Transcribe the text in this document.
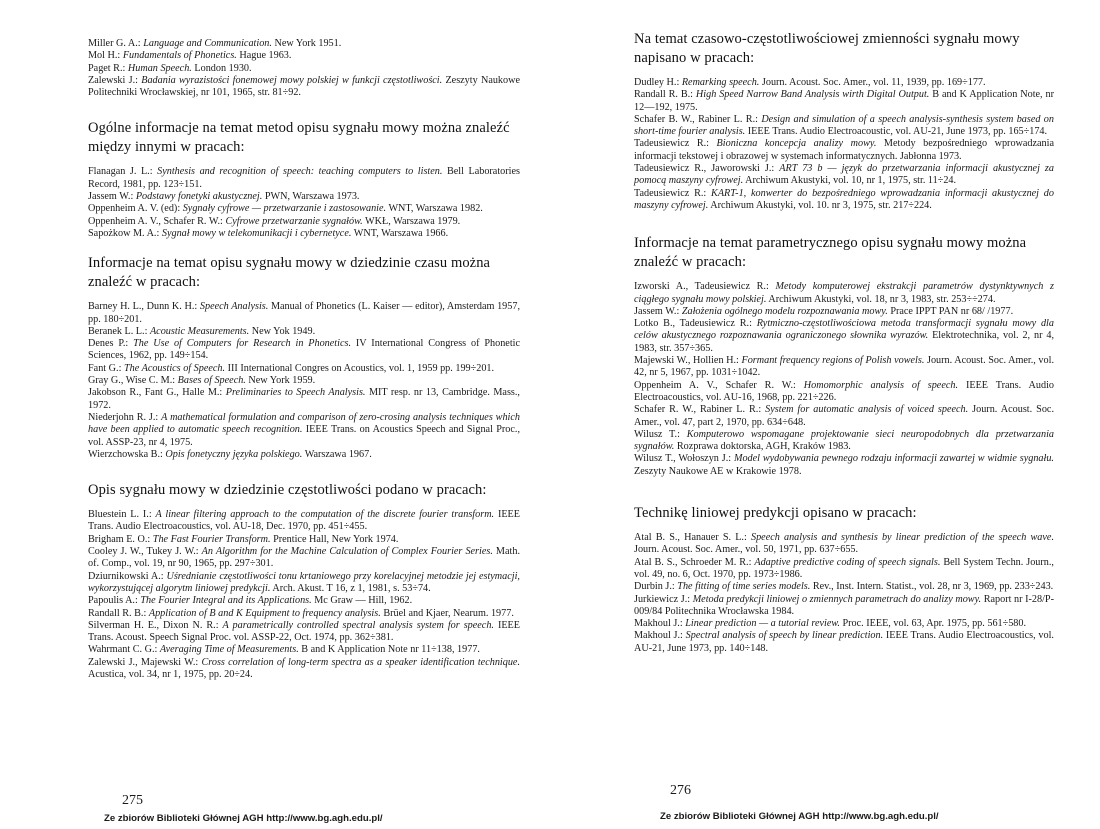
Miller G. A.: Language and Communication. New York 1951.
Mol H.: Fundamentals of Phonetics. Hague 1963.
Paget R.: Human Speech. London 1930.
Zalewski J.: Badania wyrazistości fonemowej mowy polskiej w funkcji częstotliwości. Zeszyty Naukowe Politechniki Wrocławskiej, nr 101, 1965, str. 81÷92.
Ogólne informacje na temat metod opisu sygnału mowy można znaleźć między innymi w pracach:
Flanagan J. L.: Synthesis and recognition of speech: teaching computers to listen. Bell Laboratories Record, 1981, pp. 123÷151.
Jassem W.: Podstawy fonetyki akustycznej. PWN, Warszawa 1973.
Oppenheim A. V. (ed): Sygnały cyfrowe — przetwarzanie i zastosowanie. WNT, Warszawa 1982.
Oppenheim A. V., Schafer R. W.: Cyfrowe przetwarzanie sygnałów. WKŁ, Warszawa 1979.
Sapożkow M. A.: Sygnał mowy w telekomunikacji i cybernetyce. WNT, Warszawa 1966.
Informacje na temat opisu sygnału mowy w dziedzinie czasu można znaleźć w pracach:
Barney H. L., Dunn K. H.: Speech Analysis. Manual of Phonetics (L. Kaiser — editor), Amsterdam 1957, pp. 180÷201.
Beranek L. L.: Acoustic Measurements. New Yok 1949.
Denes P.: The Use of Computers for Research in Phonetics. IV International Congress of Phonetic Sciences, 1962, pp. 149÷154.
Fant G.: The Acoustics of Speech. III International Congres on Acoustics, vol. 1, 1959 pp. 199÷201.
Gray G., Wise C. M.: Bases of Speech. New York 1959.
Jakobson R., Fant G., Halle M.: Preliminaries to Speech Analysis. MIT resp. nr 13, Cambridge. Mass., 1972.
Niederjohn R. J.: A mathematical formulation and comparison of zero-crosing analysis techniques which have been applied to automatic speech recognition. IEEE Trans. on Acoustics Speech and Signal Proc., vol. ASSP-23, nr 4, 1975.
Wierzchowska B.: Opis fonetyczny języka polskiego. Warszawa 1967.
Opis sygnału mowy w dziedzinie częstotliwości podano w pracach:
Bluestein L. I.: A linear filtering approach to the computation of the discrete fourier transform. IEEE Trans. Audio Electroacoustics, vol. AU-18, Dec. 1970, pp. 451÷455.
Brigham E. O.: The Fast Fourier Transform. Prentice Hall, New York 1974.
Cooley J. W., Tukey J. W.: An Algorithm for the Machine Calculation of Complex Fourier Series. Math. of. Comp., vol. 19, nr 90, 1965, pp. 297÷301.
Dziurnikowski A.: Uśrednianie częstotliwości tonu krtaniowego przy korelacyjnej metodzie jej estymacji, wykorzystującej algorytm liniowej predykcji. Arch. Akust. T 16, z 1, 1981, s. 53÷74.
Papoulis A.: The Fourier Integral and its Applications. Mc Graw — Hill, 1962.
Randall R. B.: Application of B and K Equipment to frequency analysis. Brüel and Kjaer, Nearum. 1977.
Silverman H. E., Dixon N. R.: A parametrically controlled spectral analysis system for speech. IEEE Trans. Acoust. Speech Signal Proc. vol. ASSP-22, Oct. 1974, pp. 362÷381.
Wahrmant C. G.: Averaging Time of Measurements. B and K Application Note nr 11÷138, 1977.
Zalewski J., Majewski W.: Cross correlation of long-term spectra as a speaker identification technique. Acustica, vol. 34, nr 1, 1975, pp. 20÷24.
275
Ze zbiorów Biblioteki Głównej AGH http://www.bg.agh.edu.pl/
Na temat czasowo-częstotliwościowej zmienności sygnału mowy napisano w pracach:
Dudley H.: Remarking speech. Journ. Acoust. Soc. Amer., vol. 11, 1939, pp. 169÷177.
Randall R. B.: High Speed Narrow Band Analysis wirth Digital Output. B and K Application Note, nr 12—192, 1975.
Schafer B. W., Rabiner L. R.: Design and simulation of a speech analysis-synthesis system based on short-time fourier analysis. IEEE Trans. Audio Electroacoustic, vol. AU-21, June 1973, pp. 165÷174.
Tadeusiewicz R.: Bioniczna koncepcja analizy mowy. Metody bezpośredniego wprowadzania informacji tekstowej i obrazowej w systemach informatycznych. Jabłonna 1973.
Tadeusiewicz R., Jaworowski J.: ART 73 b — język do przetwarzania informacji akustycznej za pomocą maszyny cyfrowej. Archiwum Akustyki, vol. 10, nr 1, 1975, str. 11÷24.
Tadeusiewicz R.: KART-1, konwerter do bezpośredniego wprowadzania informacji akustycznej do maszyny cyfrowej. Archiwum Akustyki, vol. 10. nr 3, 1975, str. 217÷224.
Informacje na temat parametrycznego opisu sygnału mowy można znaleźć w pracach:
Izworski A., Tadeusiewicz R.: Metody komputerowej ekstrakcji parametrów dystynktywnych z ciągłego sygnału mowy polskiej. Archiwum Akustyki, vol. 18, nr 3, 1983, str. 253÷÷274.
Jassem W.: Założenia ogólnego modelu rozpoznawania mowy. Prace IPPT PAN nr 68/ /1977.
Lotko B., Tadeusiewicz R.: Rytmiczno-częstotliwościowa metoda transformacji sygnału mowy dla celów akustycznego rozpoznawania ograniczonego słownika wyrazów. Elektrotechnika, vol. 2, nr 4, 1983, str. 357÷365.
Majewski W., Hollien H.: Formant frequency regions of Polish vowels. Journ. Acoust. Soc. Amer., vol. 42, nr 5, 1967, pp. 1031÷1042.
Oppenheim A. V., Schafer R. W.: Homomorphic analysis of speech. IEEE Trans. Audio Electroacoustics, vol. AU-16, 1968, pp. 221÷226.
Schafer R. W., Rabiner L. R.: System for automatic analysis of voiced speech. Journ. Acoust. Soc. Amer., vol. 47, part 2, 1970, pp. 634÷648.
Wilusz T.: Komputerowo wspomagane projektowanie sieci neuropodobnych dla przetwarzania sygnałów. Rozprawa doktorska, AGH, Kraków 1983.
Wilusz T., Wołoszyn J.: Model wydobywania pewnego rodzaju informacji zawartej w widmie sygnału. Zeszyty Naukowe AE w Krakowie 1978.
Technikę liniowej predykcji opisano w pracach:
Atal B. S., Hanauer S. L.: Speech analysis and synthesis by linear prediction of the speech wave. Journ. Acoust. Soc. Amer., vol. 50, 1971, pp. 637÷655.
Atal B. S., Schroeder M. R.: Adaptive predictive coding of speech signals. Bell System Techn. Journ., vol. 49, no. 6, Oct. 1970, pp. 1973÷1986.
Durbin J.: The fitting of time series models. Rev., Inst. Intern. Statist., vol. 28, nr 3, 1969, pp. 233÷243.
Jurkiewicz J.: Metoda predykcji liniowej o zmiennych parametrach do analizy mowy. Raport nr I-28/P-009/84 Politechnika Wrocławska 1984.
Makhoul J.: Linear prediction — a tutorial review. Proc. IEEE, vol. 63, Apr. 1975, pp. 561÷580.
Makhoul J.: Spectral analysis of speech by linear prediction. IEEE Trans. Audio Electroacoustics, vol. AU-21, June 1973, pp. 140÷148.
276
Ze zbiorów Biblioteki Głównej AGH http://www.bg.agh.edu.pl/
